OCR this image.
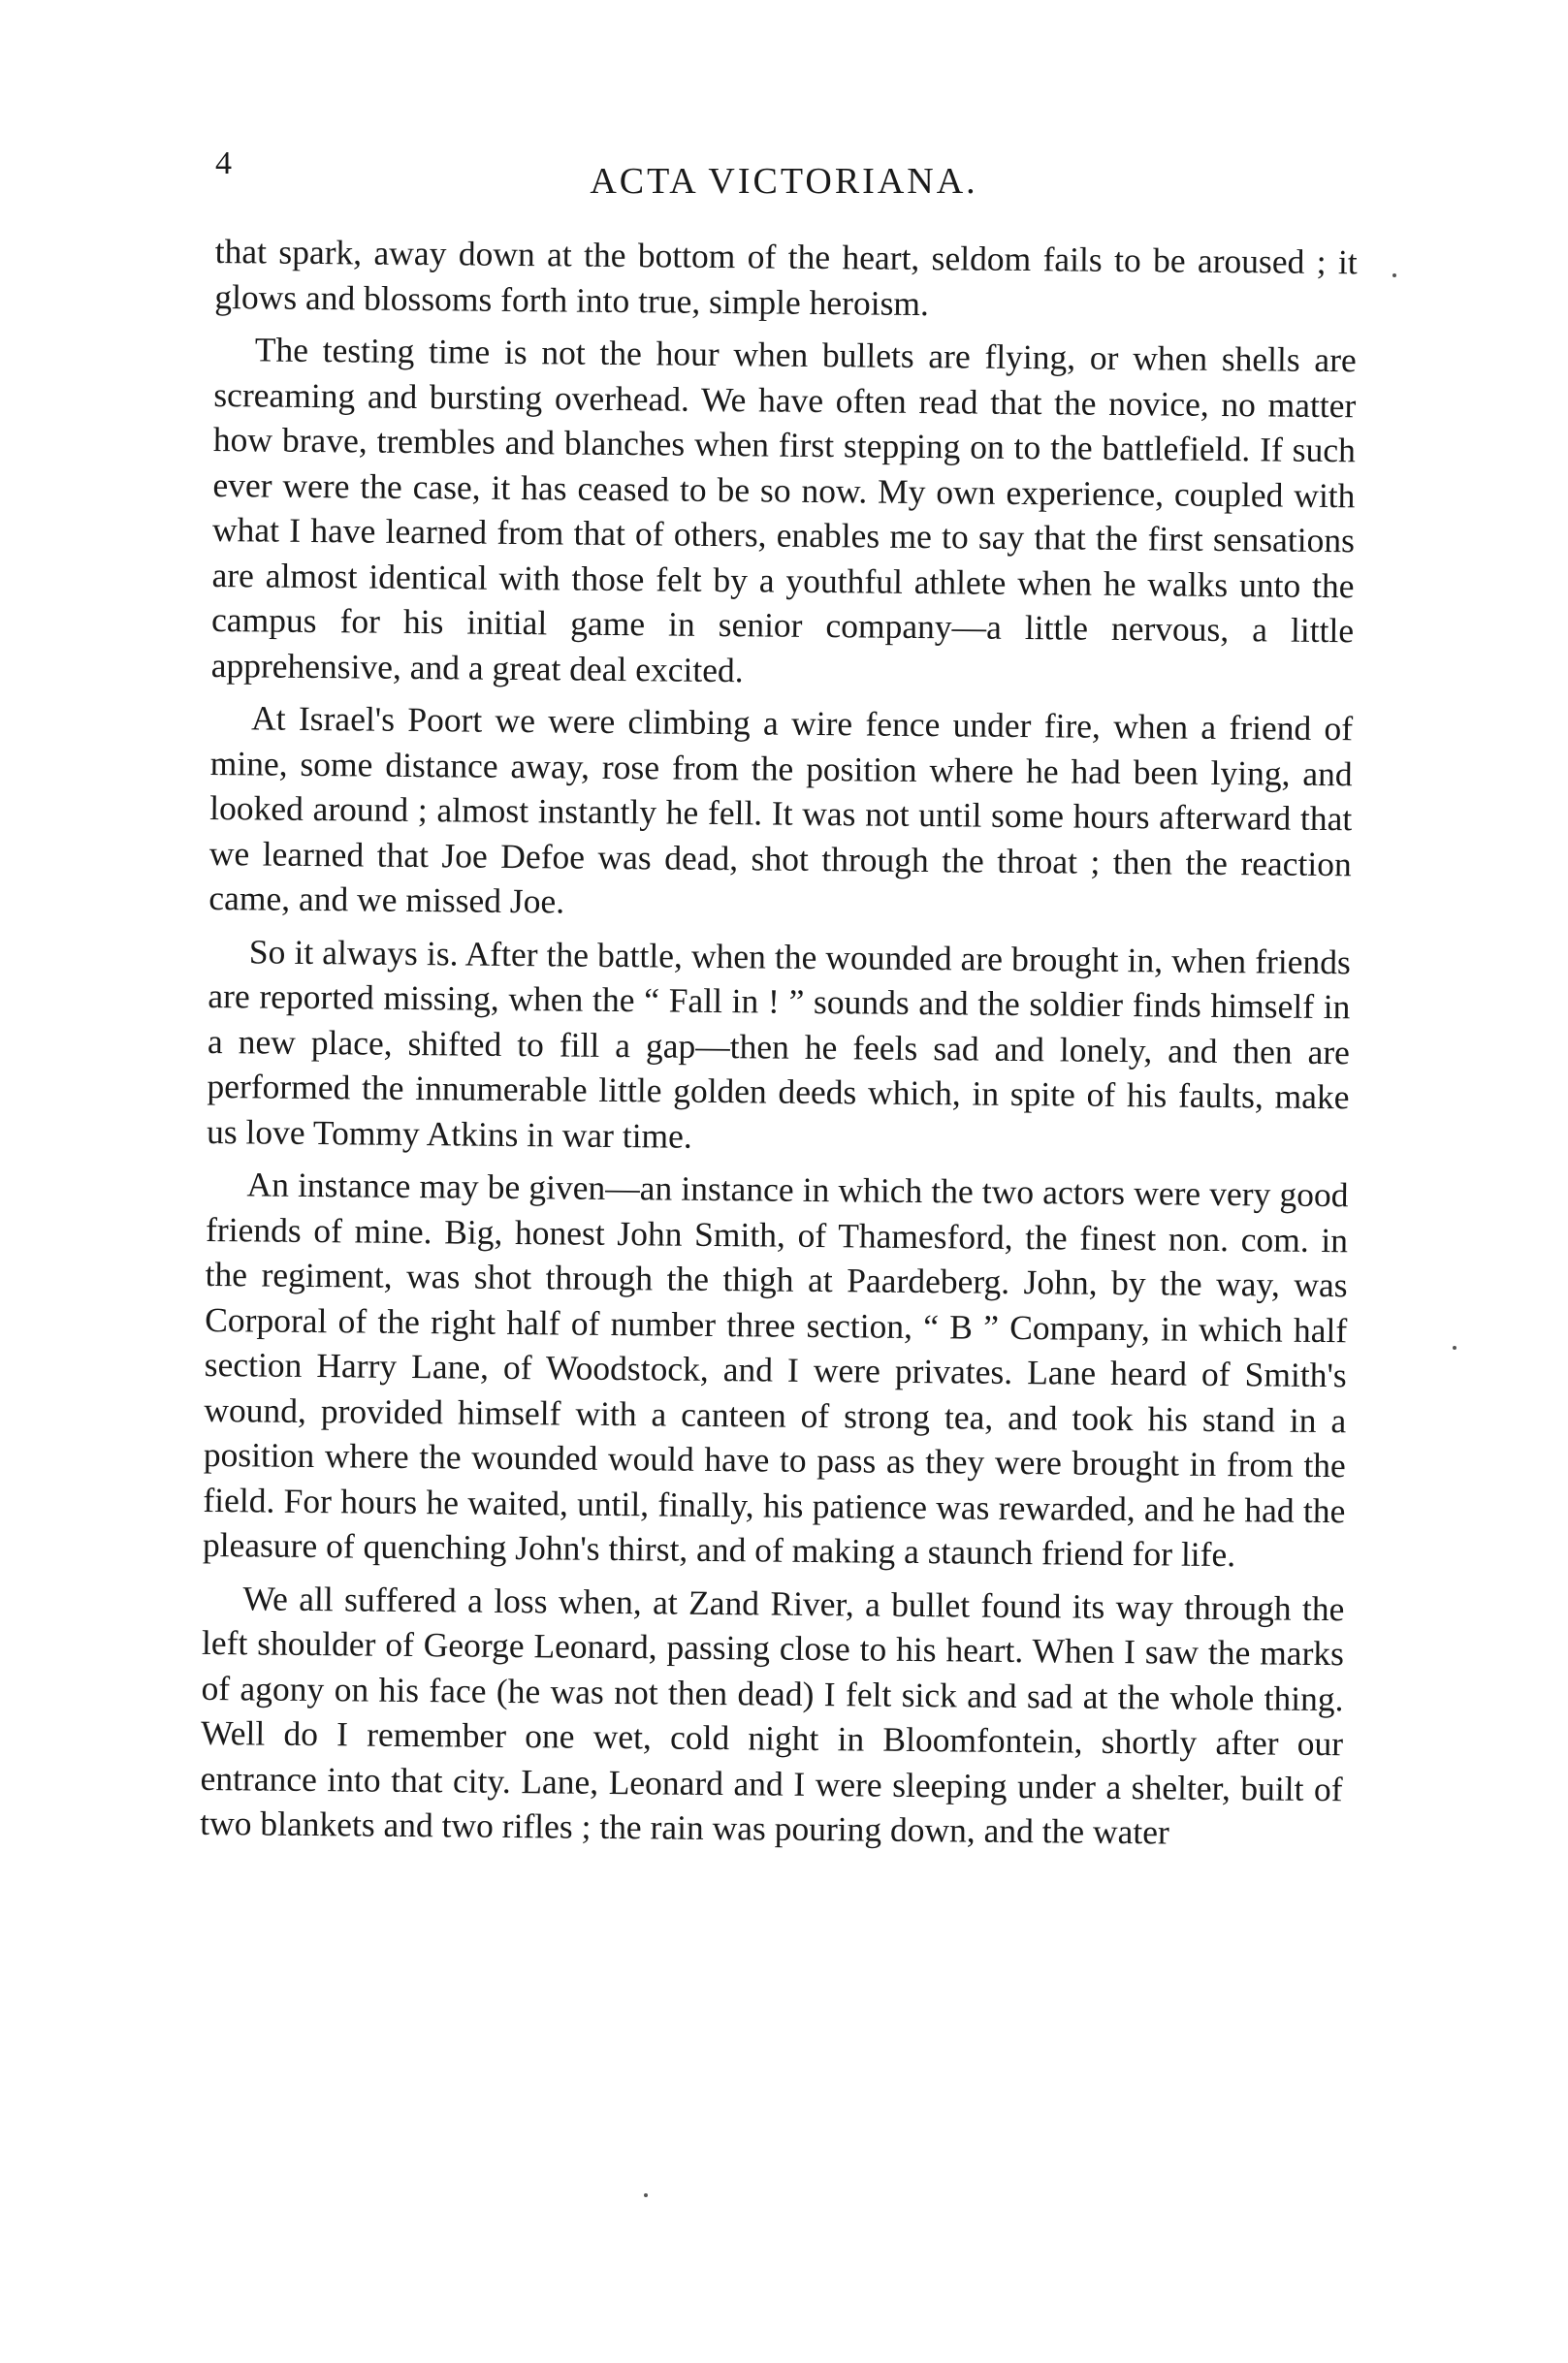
4	ACTA VICTORIANA.

that spark, away down at the bottom of the heart, seldom fails to be aroused ; it glows and blossoms forth into true, simple heroism.

The testing time is not the hour when bullets are flying, or when shells are screaming and bursting overhead. We have often read that the novice, no matter how brave, trembles and blanches when first stepping on to the battlefield. If such ever were the case, it has ceased to be so now. My own experience, coupled with what I have learned from that of others, enables me to say that the first sensations are almost identical with those felt by a youthful athlete when he walks unto the campus for his initial game in senior company—a little nervous, a little apprehensive, and a great deal excited.

At Israel's Poort we were climbing a wire fence under fire, when a friend of mine, some distance away, rose from the position where he had been lying, and looked around ; almost instantly he fell. It was not until some hours afterward that we learned that Joe Defoe was dead, shot through the throat ; then the reaction came, and we missed Joe.

So it always is. After the battle, when the wounded are brought in, when friends are reported missing, when the “ Fall in ! ” sounds and the soldier finds himself in a new place, shifted to fill a gap—then he feels sad and lonely, and then are performed the innumerable little golden deeds which, in spite of his faults, make us love Tommy Atkins in war time.

An instance may be given—an instance in which the two actors were very good friends of mine. Big, honest John Smith, of Thamesford, the finest non. com. in the regiment, was shot through the thigh at Paardeberg. John, by the way, was Corporal of the right half of number three section, “ B ” Company, in which half section Harry Lane, of Woodstock, and I were privates. Lane heard of Smith's wound, provided himself with a canteen of strong tea, and took his stand in a position where the wounded would have to pass as they were brought in from the field. For hours he waited, until, finally, his patience was rewarded, and he had the pleasure of quenching John's thirst, and of making a staunch friend for life.

We all suffered a loss when, at Zand River, a bullet found its way through the left shoulder of George Leonard, passing close to his heart. When I saw the marks of agony on his face (he was not then dead) I felt sick and sad at the whole thing. Well do I remember one wet, cold night in Bloomfontein, shortly after our entrance into that city. Lane, Leonard and I were sleeping under a shelter, built of two blankets and two rifles ; the rain was pouring down, and the water
